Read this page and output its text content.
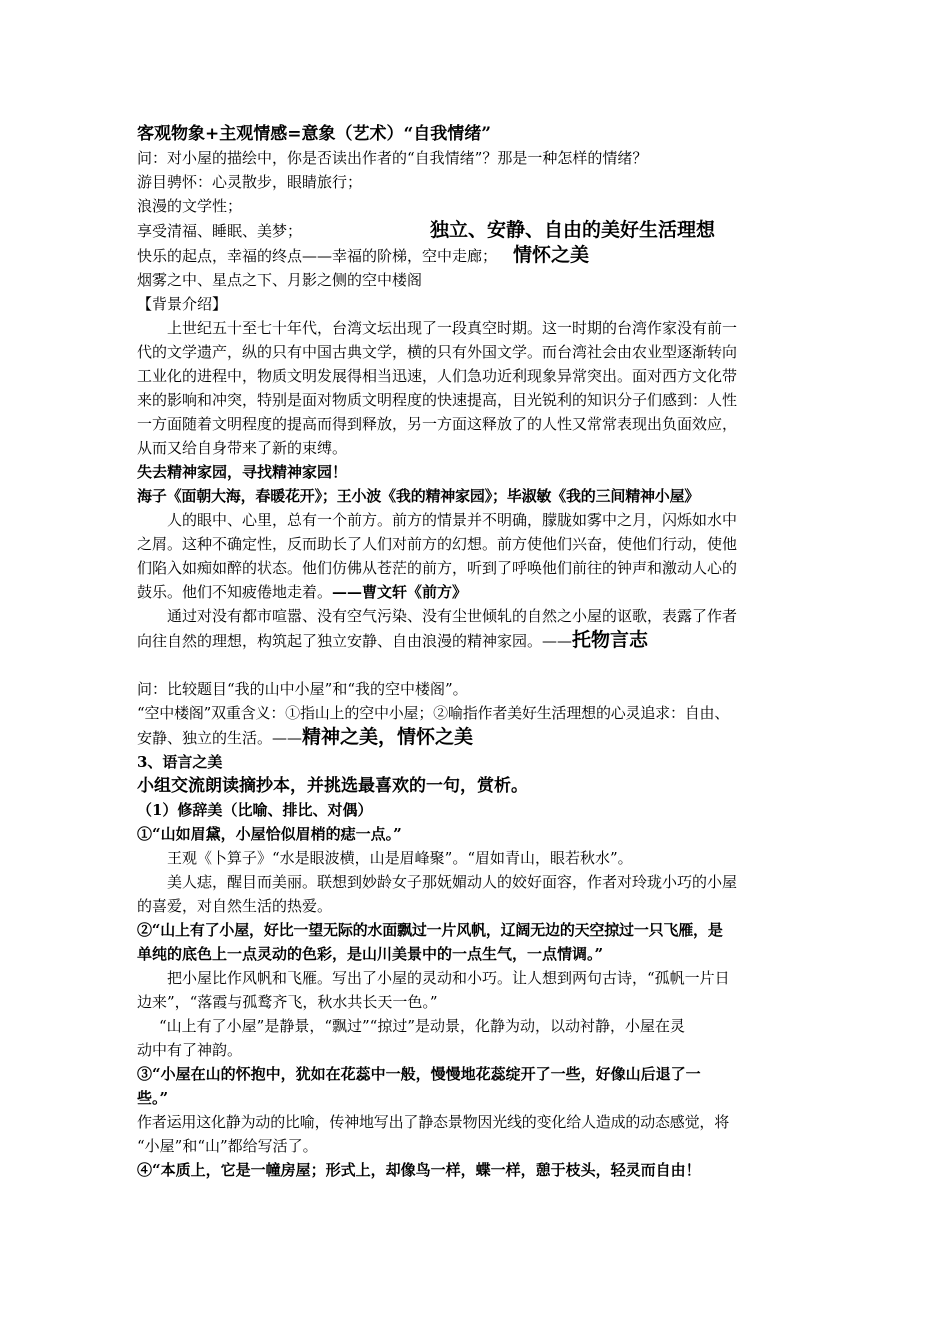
客观物象+主观情感=意象（艺术）“自我情绪”
问：对小屋的描绘中，你是否读出作者的“自我情绪”？那是一种怎样的情绪？
游目骋怀：心灵散步，眼睛旅行；
浪漫的文学性；
享受清福、睡眠、美梦；	独立、安静、自由的美好生活理想
快乐的起点，幸福的终点——幸福的阶梯，空中走廊； 情怀之美
烟雾之中、星点之下、月影之侧的空中楼阁
【背景介绍】
上世纪五十至七十年代，台湾文坛出现了一段真空时期。这一时期的台湾作家没有前一
代的文学遗产，纵的只有中国古典文学，横的只有外国文学。而台湾社会由农业型逐渐转向
工业化的进程中，物质文明发展得相当迅速，人们急功近利现象异常突出。面对西方文化带
来的影响和冲突，特别是面对物质文明程度的快速提高，目光锐利的知识分子们感到：人性
一方面随着文明程度的提高而得到释放，另一方面这释放了的人性又常常表现出负面效应，
从而又给自身带来了新的束缚。
失去精神家园，寻找精神家园！
海子《面朝大海，春暖花开》；王小波《我的精神家园》；毕淑敏《我的三间精神小屋》
人的眼中、心里，总有一个前方。前方的情景并不明确，朦胧如雾中之月，闪烁如水中
之屑。这种不确定性，反而助长了人们对前方的幻想。前方使他们兴奋，使他们行动，使他
们陷入如痴如醉的状态。他们仿佛从苍茫的前方，听到了呼唤他们前往的钟声和激动人心的
鼓乐。他们不知疲倦地走着。——曹文轩《前方》
通过对没有都市喧嚣、没有空气污染、没有尘世倾轧的自然之小屋的讴歌，表露了作者
向往自然的理想，构筑起了独立安静、自由浪漫的精神家园。——托物言志
问：比较题目“我的山中小屋”和“我的空中楼阁”。
“空中楼阁”双重含义：①指山上的空中小屋；②喻指作者美好生活理想的心灵追求：自由、
安静、独立的生活。——精神之美，情怀之美
3、语言之美
小组交流朗读摘抄本，并挑选最喜欢的一句，赏析。
（1）修辞美（比喻、排比、对偶）
①“山如眉黛，小屋恰似眉梢的痣一点。”
王观《卜算子》“水是眼波横，山是眉峰聚”。“眉如青山，眼若秋水”。
美人痣，醒目而美丽。联想到妙龄女子那妩媚动人的姣好面容，作者对玲珑小巧的小屋
的喜爱，对自然生活的热爱。
②“山上有了小屋，好比一望无际的水面飘过一片风帆，辽阔无边的天空掠过一只飞雁，是
单纯的底色上一点灵动的色彩，是山川美景中的一点生气，一点情调。”
把小屋比作风帆和飞雁。写出了小屋的灵动和小巧。让人想到两句古诗，“孤帆一片日
边来”，“落霞与孤鹜齐飞，秋水共长天一色。”
“山上有了小屋”是静景，“飘过”“掠过”是动景，化静为动，以动衬静，小屋在灵
动中有了神韵。
③“小屋在山的怀抱中，犹如在花蕊中一般，慢慢地花蕊绽开了一些，好像山后退了一
些。”
作者运用这化静为动的比喻，传神地写出了静态景物因光线的变化给人造成的动态感觉，将
“小屋”和“山”都给写活了。
④“本质上，它是一幢房屋；形式上，却像鸟一样，蝶一样，憩于枝头，轻灵而自由！
